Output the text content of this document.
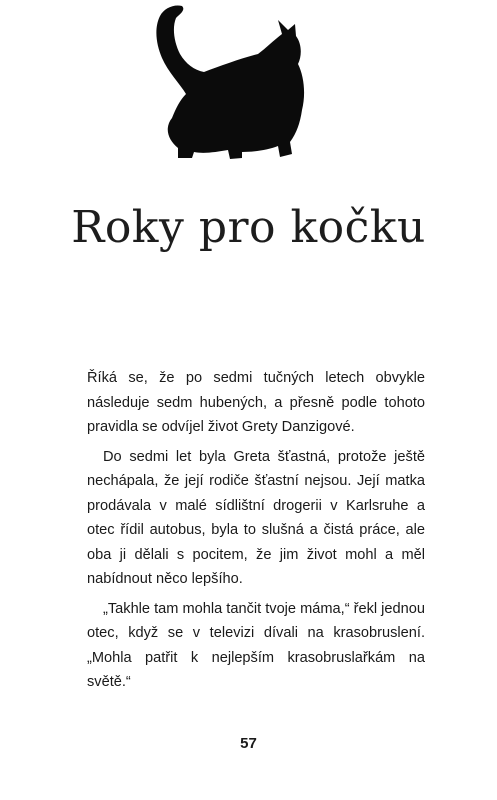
Roky pro kočku

Říká se, že po sedmi tučných letech obvykle následuje sedm hubených, a přesně podle tohoto pravidla se odvíjel život Grety Danzigové.

Do sedmi let byla Greta šťastná, protože ještě nechápala, že její rodiče šťastní nejsou. Její matka prodávala v malé sídlištní drogerii v Karlsruhe a otec řídil autobus, byla to slušná a čistá práce, ale oba ji dělali s pocitem, že jim život mohl a měl nabídnout něco lepšího.

„Takhle tam mohla tančit tvoje máma,“ řekl jednou otec, když se v televizi dívali na krasobruslení. „Mohla patřit k nejlepším krasobruslařkám na světě.“

57
